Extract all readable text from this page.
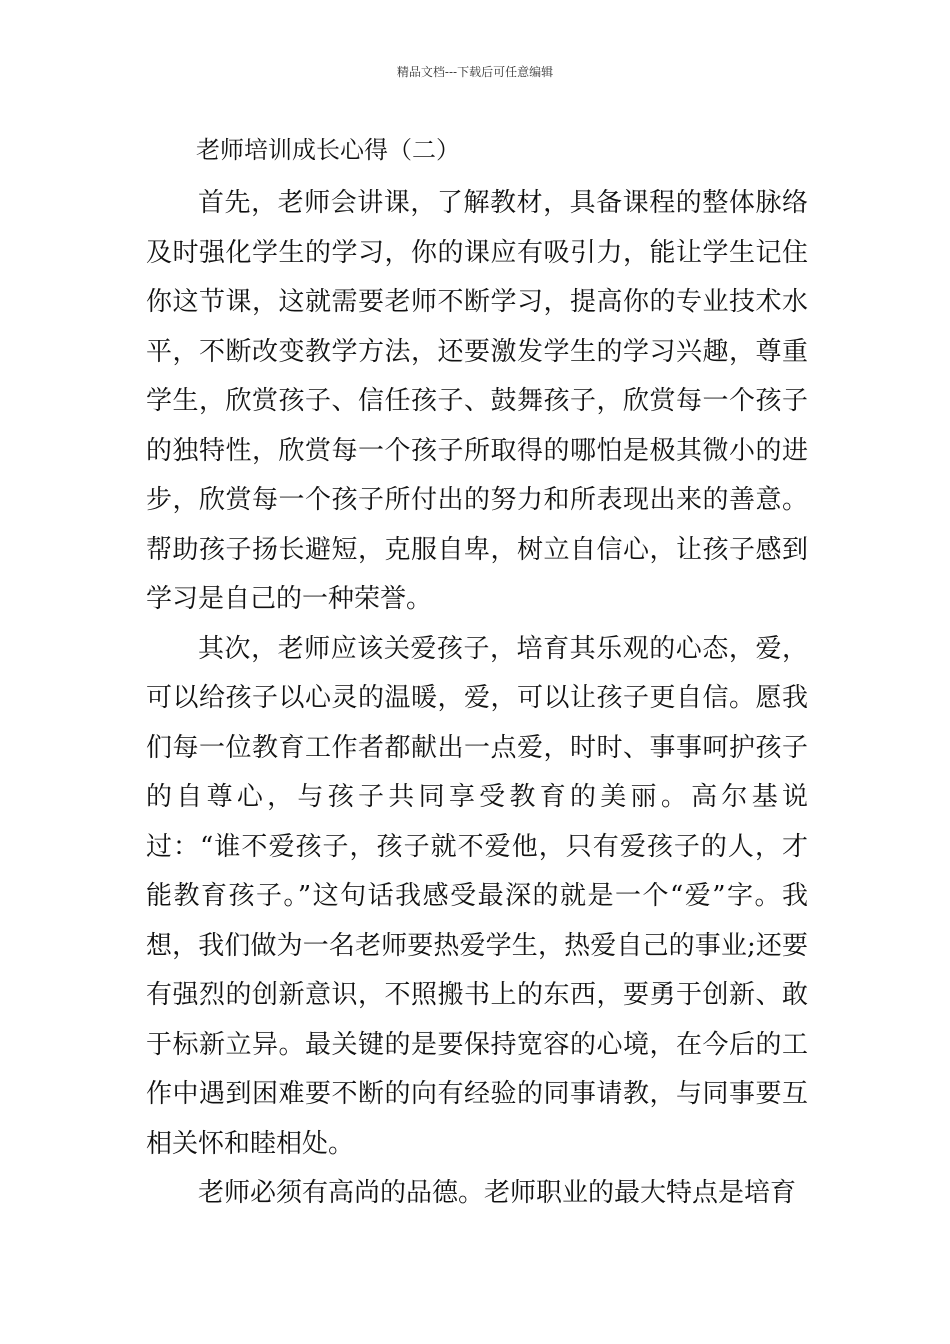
精品文档---下载后可任意编辑
老师培训成长心得（二）

首先，老师会讲课，了解教材，具备课程的整体脉络及时强化学生的学习，你的课应有吸引力，能让学生记住你这节课，这就需要老师不断学习，提高你的专业技术水平，不断改变教学方法，还要激发学生的学习兴趣，尊重学生，欣赏孩子、信任孩子、鼓舞孩子，欣赏每一个孩子的独特性，欣赏每一个孩子所取得的哪怕是极其微小的进步，欣赏每一个孩子所付出的努力和所表现出来的善意。帮助孩子扬长避短，克服自卑，树立自信心，让孩子感到学习是自己的一种荣誉。

其次，老师应该关爱孩子，培育其乐观的心态，爱，可以给孩子以心灵的温暖，爱，可以让孩子更自信。愿我们每一位教育工作者都献出一点爱，时时、事事呵护孩子的自尊心，与孩子共同享受教育的美丽。高尔基说过：“谁不爱孩子，孩子就不爱他，只有爱孩子的人，才能教育孩子。”这句话我感受最深的就是一个“爱”字。我想，我们做为一名老师要热爱学生，热爱自己的事业;还要有强烈的创新意识，不照搬书上的东西，要勇于创新、敢于标新立异。最关键的是要保持宽容的心境，在今后的工作中遇到困难要不断的向有经验的同事请教，与同事要互相关怀和睦相处。

老师必须有高尚的品德。老师职业的最大特点是培育
